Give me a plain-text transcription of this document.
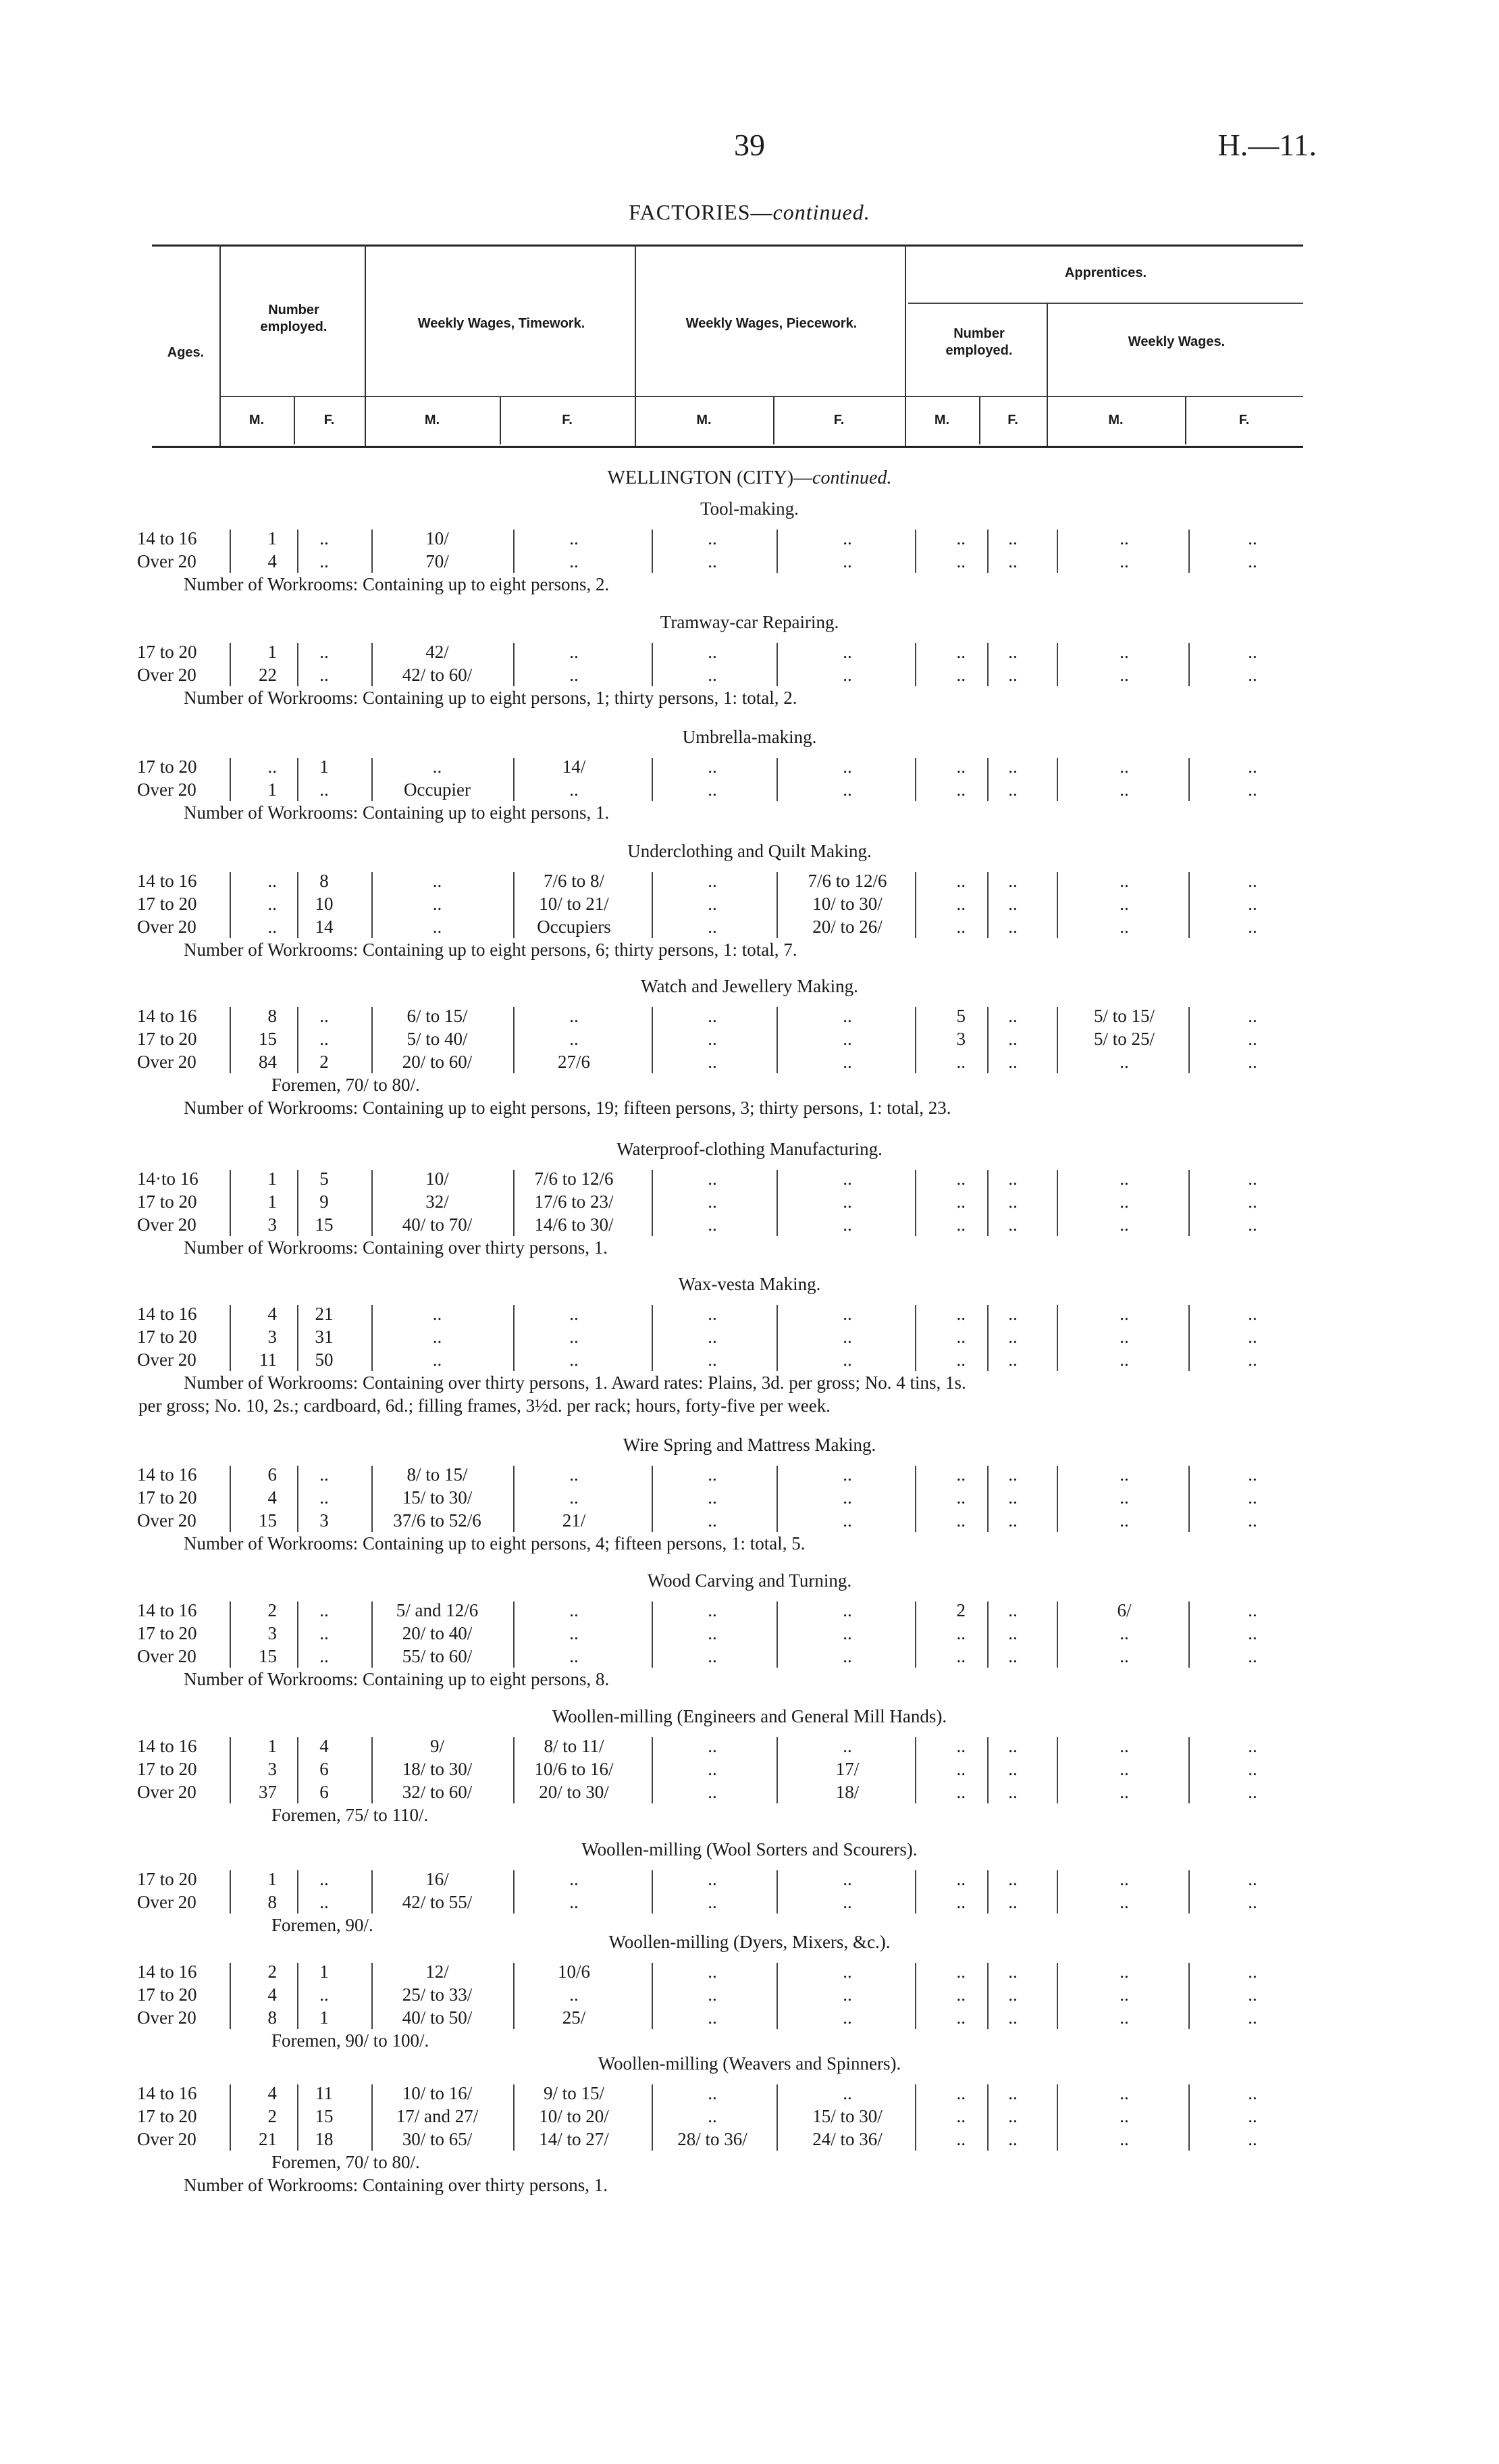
39	H.—11.
FACTORIES—continued.
Ages.
Number employed.	Weekly Wages, Timework.	Weekly Wages, Piecework.
Apprentices.
Number employed.
Weekly Wages.
M.	F.	M.	F.	M.	F.	M.	F.	M.	F.
WELLINGTON (CITY)—continued.
Tool-making.
14 to 16	1	..	10/	..	..	..	..	..	..	..
Over 20	4	..	70/	..	..	..	..	..	..	..
Number of Workrooms: Containing up to eight persons, 2.
Tramway-car Repairing.
17 to 20	1	..	42/	..	..	..	..	..	..	..
Over 20	22	..	42/ to 60/	..	..	..	..	..	..	..
Number of Workrooms: Containing up to eight persons, 1; thirty persons, 1: total, 2.
Umbrella-making.
17 to 20	..	1	..	14/	..	..	..	..	..	..
Over 20	1	..	Occupier	..	..	..	..	..	..	..
Number of Workrooms: Containing up to eight persons, 1.
Underclothing and Quilt Making.
14 to 16	..	8	..	7/6 to 8/	..	7/6 to 12/6	..	..	..	..
17 to 20	..	10	..	10/ to 21/	..	10/ to 30/	..	..	..	..
Over 20	..	14	..	Occupiers	..	20/ to 26/	..	..	..	..
Number of Workrooms: Containing up to eight persons, 6; thirty persons, 1: total, 7.
Watch and Jewellery Making.
14 to 16	8	..	6/ to 15/	..	..	..	5	..	5/ to 15/	..
17 to 20	15	..	5/ to 40/	..	..	..	3	..	5/ to 25/	..
Over 20	84	2	20/ to 60/	27/6	..	..	..	..	..	..
Foremen, 70/ to 80/.
Number of Workrooms: Containing up to eight persons, 19; fifteen persons, 3; thirty persons, 1: total, 23.
Waterproof-clothing Manufacturing.
14·to 16	1	5	10/	7/6 to 12/6	..	..	..	..	..	..
17 to 20	1	9	32/	17/6 to 23/	..	..	..	..	..	..
Over 20	3	15	40/ to 70/	14/6 to 30/	..	..	..	..	..	..
Number of Workrooms: Containing over thirty persons, 1.
Wax-vesta Making.
14 to 16	4	21	..	..	..	..	..	..	..	..
17 to 20	3	31	..	..	..	..	..	..	..	..
Over 20	11	50	..	..	..	..	..	..	..	..
Number of Workrooms: Containing over thirty persons, 1. Award rates: Plains, 3d. per gross; No. 4 tins, 1s.
per gross; No. 10, 2s.; cardboard, 6d.; filling frames, 3½d. per rack; hours, forty-five per week.
Wire Spring and Mattress Making.
14 to 16	6	..	8/ to 15/	..	..	..	..	..	..	..
17 to 20	4	..	15/ to 30/	..	..	..	..	..	..	..
Over 20	15	3	37/6 to 52/6	21/	..	..	..	..	..	..
Number of Workrooms: Containing up to eight persons, 4; fifteen persons, 1: total, 5.
Wood Carving and Turning.
14 to 16	2	..	5/ and 12/6	..	..	..	2	..	6/	..
17 to 20	3	..	20/ to 40/	..	..	..	..	..	..	..
Over 20	15	..	55/ to 60/	..	..	..	..	..	..	..
Number of Workrooms: Containing up to eight persons, 8.
Woollen-milling (Engineers and General Mill Hands).
14 to 16	1	4	9/	8/ to 11/	..	..	..	..	..	..
17 to 20	3	6	18/ to 30/	10/6 to 16/	..	17/	..	..	..	..
Over 20	37	6	32/ to 60/	20/ to 30/	..	18/	..	..	..	..
Foremen, 75/ to 110/.
Woollen-milling (Wool Sorters and Scourers).
17 to 20	1	..	16/	..	..	..	..	..	..	..
Over 20	8	..	42/ to 55/	..	..	..	..	..	..	..
Foremen, 90/.
Woollen-milling (Dyers, Mixers, &c.).
14 to 16	2	1	12/	10/6	..	..	..	..	..	..
17 to 20	4	..	25/ to 33/	..	..	..	..	..	..	..
Over 20	8	1	40/ to 50/	25/	..	..	..	..	..	..
Foremen, 90/ to 100/.
Woollen-milling (Weavers and Spinners).
14 to 16	4	11	10/ to 16/	9/ to 15/	..	..	..	..	..	..
17 to 20	2	15	17/ and 27/	10/ to 20/	..	15/ to 30/	..	..	..	..
Over 20	21	18	30/ to 65/	14/ to 27/	28/ to 36/	24/ to 36/	..	..	..	..
Foremen, 70/ to 80/.
Number of Workrooms: Containing over thirty persons, 1.
